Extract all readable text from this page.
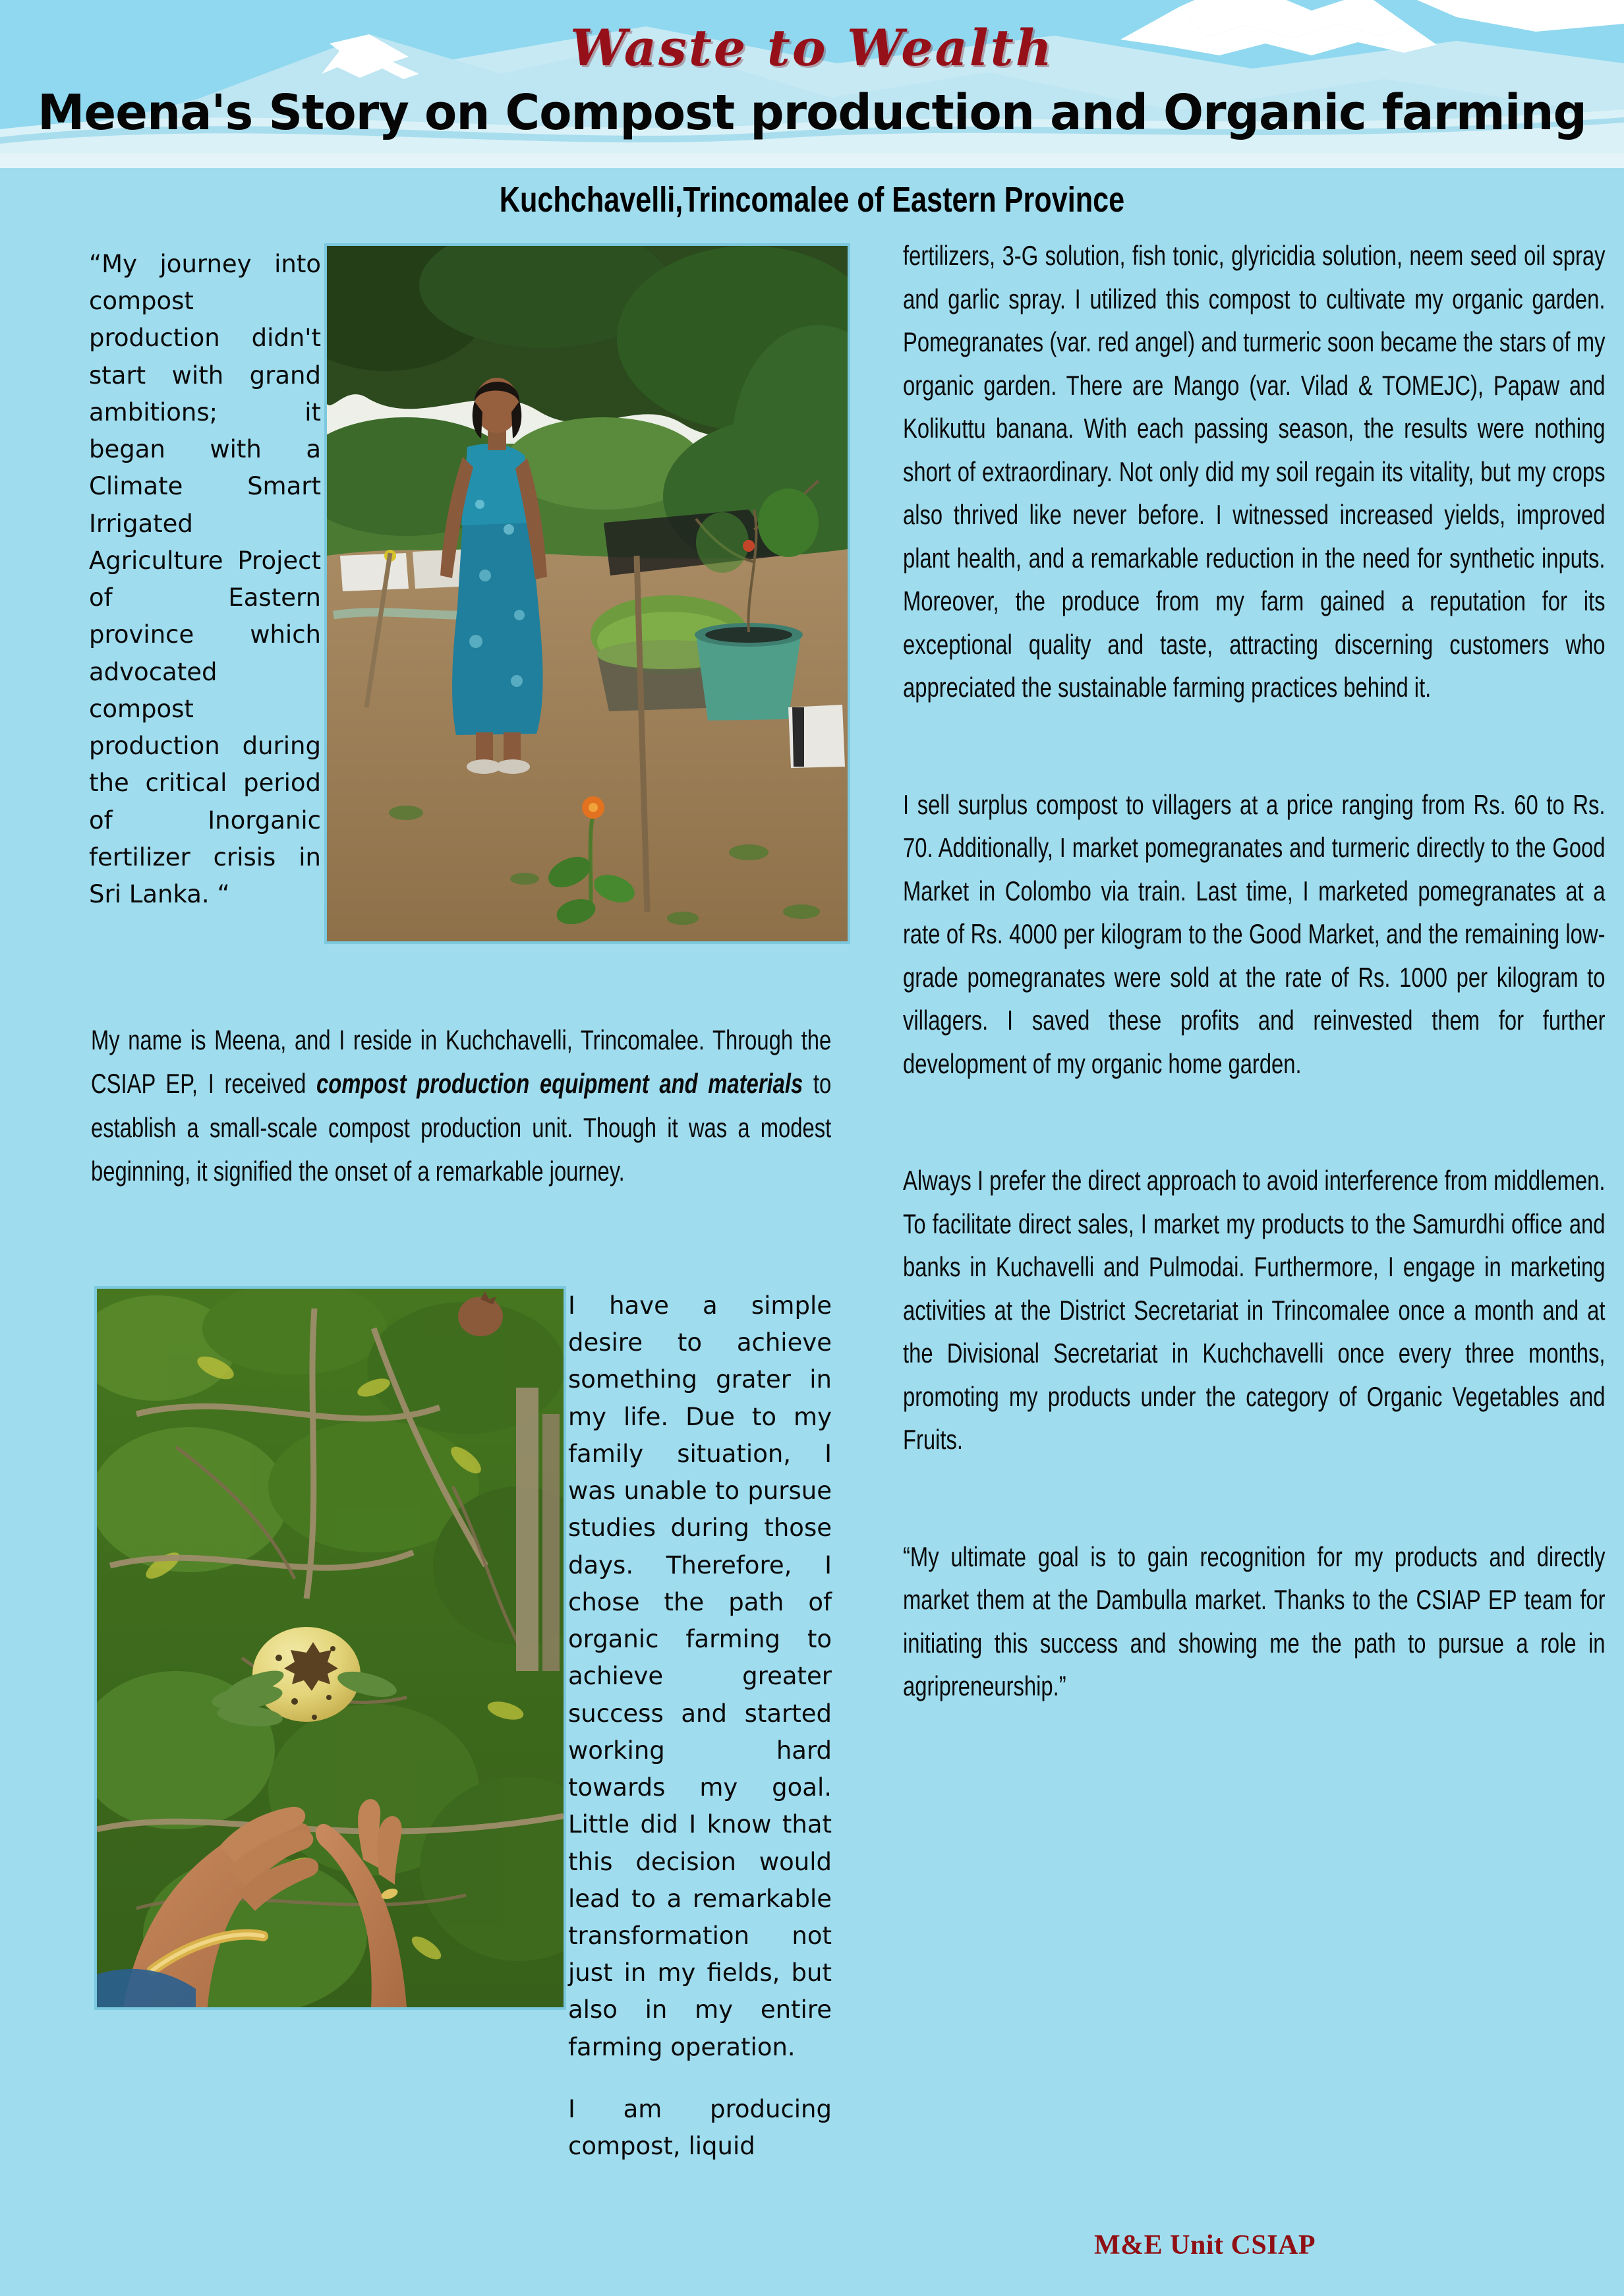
Waste to Wealth
Meena's Story on Compost production and Organic farming
Kuchchavelli,Trincomalee of Eastern Province
“My journey into compost production didn't start with grand ambitions; it began with a Climate Smart Irrigated Agriculture Project of Eastern province which advocated compost production during the critical period of Inorganic fertilizer crisis in Sri Lanka. “
fertilizers, 3-G solution, fish tonic, glyricidia solution, neem seed oil spray and garlic spray. I utilized this compost to cultivate my organic garden. Pomegranates (var. red angel) and turmeric soon became the stars of my organic garden. There are Mango (var. Vilad & TOMEJC), Papaw and Kolikuttu banana. With each passing season, the results were nothing short of extraordinary. Not only did my soil regain its vitality, but my crops also thrived like never before. I witnessed increased yields, improved plant health, and a remarkable reduction in the need for synthetic inputs. Moreover, the produce from my farm gained a reputation for its exceptional quality and taste, attracting discerning customers who appreciated the sustainable farming practices behind it.
I sell surplus compost to villagers at a price ranging from Rs. 60 to Rs. 70. Additionally, I market pomegranates and turmeric directly to the Good Market in Colombo via train. Last time, I marketed pomegranates at a rate of Rs. 4000 per kilogram to the Good Market, and the remaining low-grade pomegranates were sold at the rate of Rs. 1000 per kilogram to villagers. I saved these profits and reinvested them for further development of my organic home garden.
Always I prefer the direct approach to avoid interference from middlemen. To facilitate direct sales, I market my products to the Samurdhi office and banks in Kuchavelli and Pulmodai. Furthermore, I engage in marketing activities at the District Secretariat in Trincomalee once a month and at the Divisional Secretariat in Kuchchavelli once every three months, promoting my products under the category of Organic Vegetables and Fruits.
“My ultimate goal is to gain recognition for my products and directly market them at the Dambulla market. Thanks to the CSIAP EP team for initiating this success and showing me the path to pursue a role in agripreneurship.”
My name is Meena, and I reside in Kuchchavelli, Trincomalee. Through the CSIAP EP, I received compost production equipment and materials to establish a small-scale compost production unit. Though it was a modest beginning, it signified the onset of a remarkable journey.

I have a simple desire to achieve something grater in my life. Due to my family situation, I was unable to pursue studies during those days. Therefore, I chose the path of organic farming to achieve greater success and started working hard towards my goal. Little did I know that this decision would lead to a remarkable transformation not just in my fields, but also in my entire farming operation.

I am producing compost, liquid

M&E Unit CSIAP
